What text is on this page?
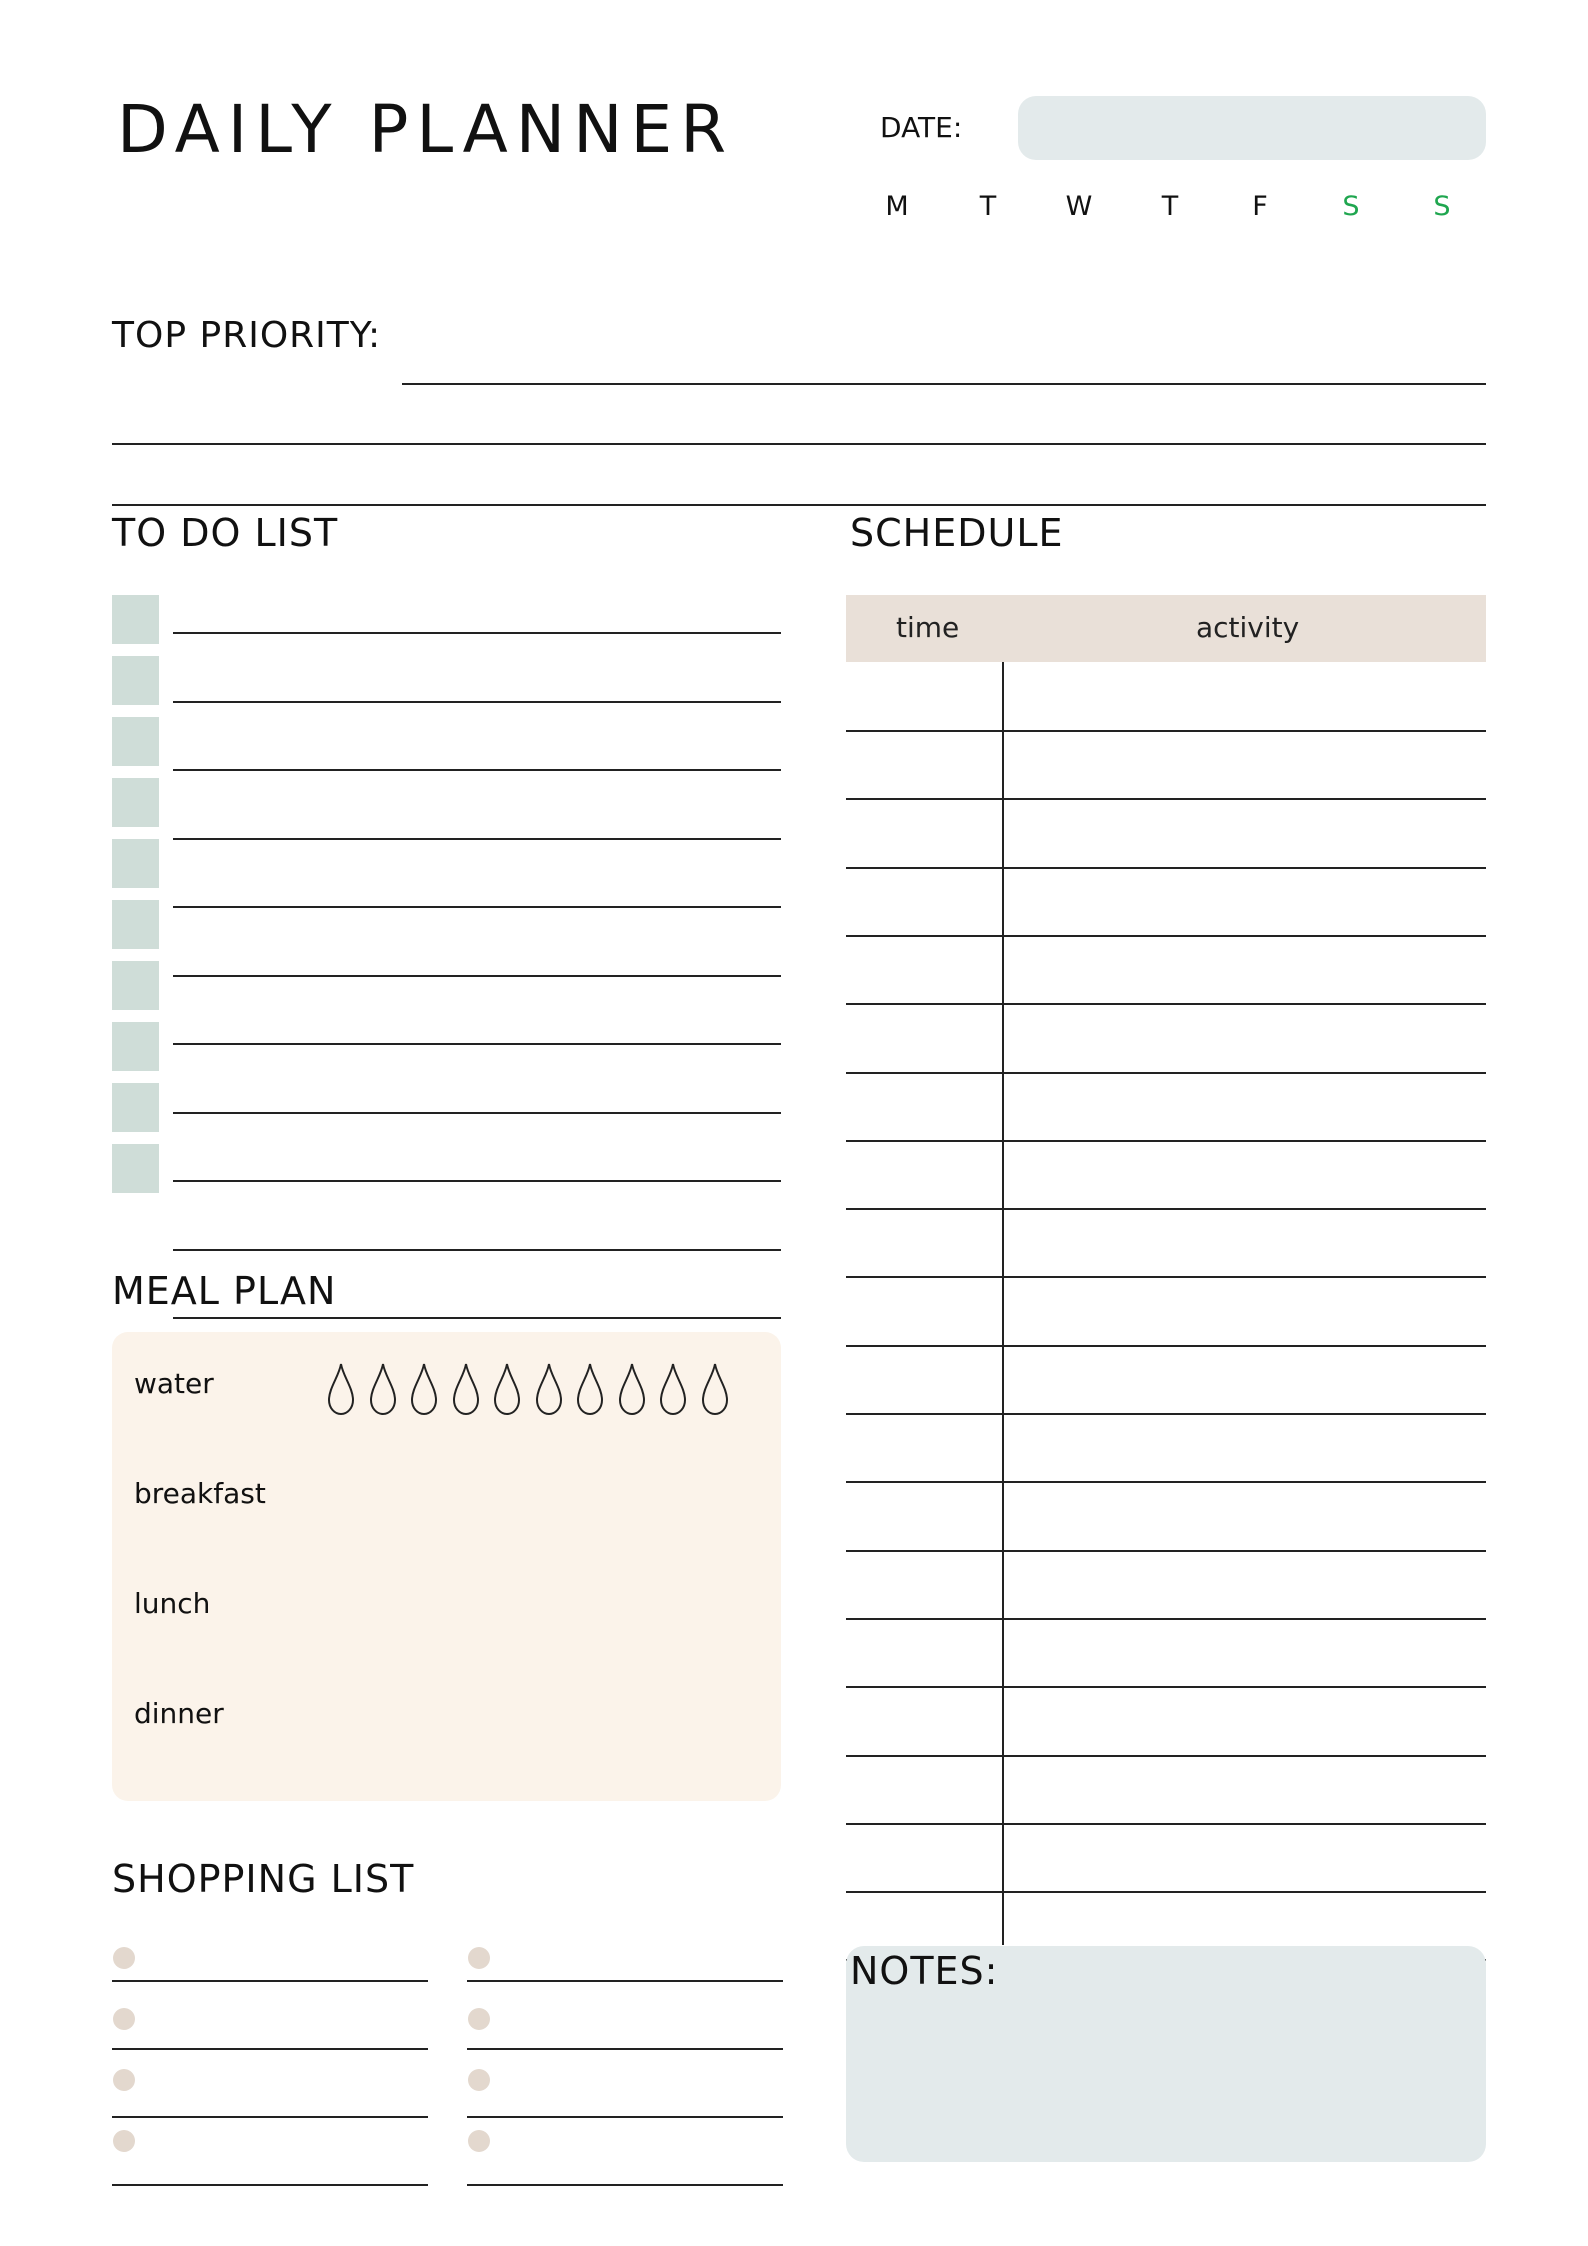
DAILY PLANNER	DATE:
M	T	W	T	F	S	S
TOP PRIORITY:
TO DO LIST	SCHEDULE
time	activity
MEAL PLAN
water
breakfast
lunch
dinner
SHOPPING LIST
NOTES:
